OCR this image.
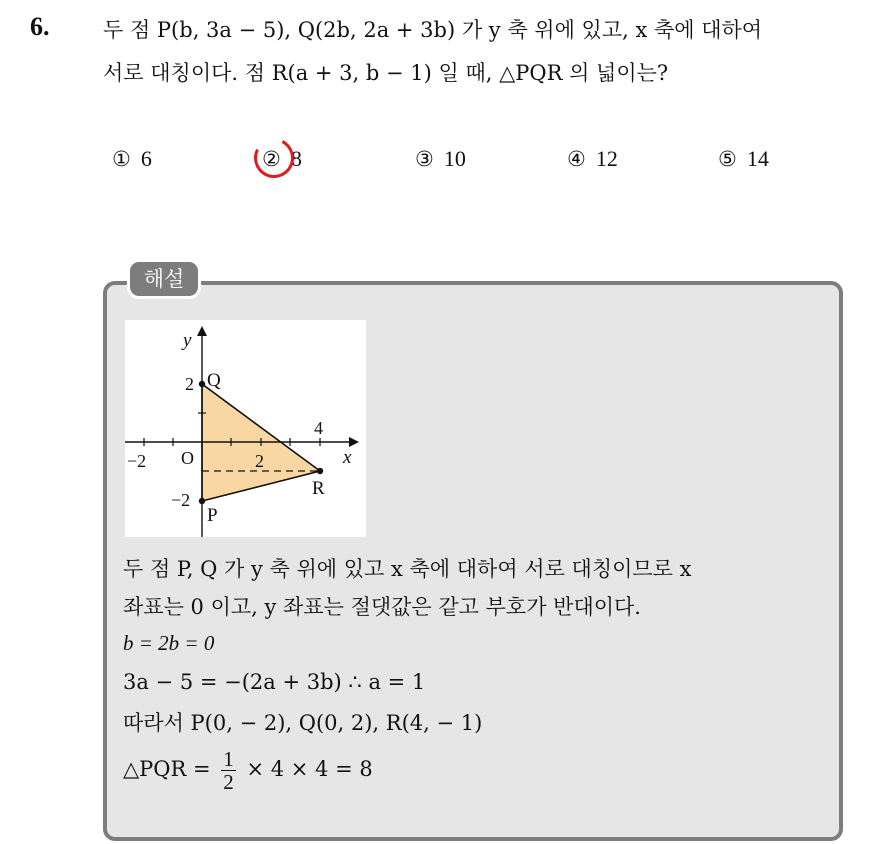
6.	두 점 P(b, 3a − 5), Q(2b, 2a + 3b) 가 y 축 위에 있고, x 축에 대하여
서로 대칭이다. 점 R(a + 3, b − 1) 일 때, △PQR 의 넓이는?
① 6	② 8	③ 10	④ 12	⑤ 14
해설
y
x
O
−2	2
4
2
−2
Q
P
R
두 점 P, Q 가 y 축 위에 있고 x 축에 대하여 서로 대칭이므로 x
좌표는 0 이고, y 좌표는 절댓값은 같고 부호가 반대이다.
b = 2b = 0
3a − 5 = −(2a + 3b) ∴ a = 1
따라서 P(0, − 2), Q(0, 2), R(4, − 1)
△PQR = $\frac{1}{2} \times 4 \times 4 = 8$
